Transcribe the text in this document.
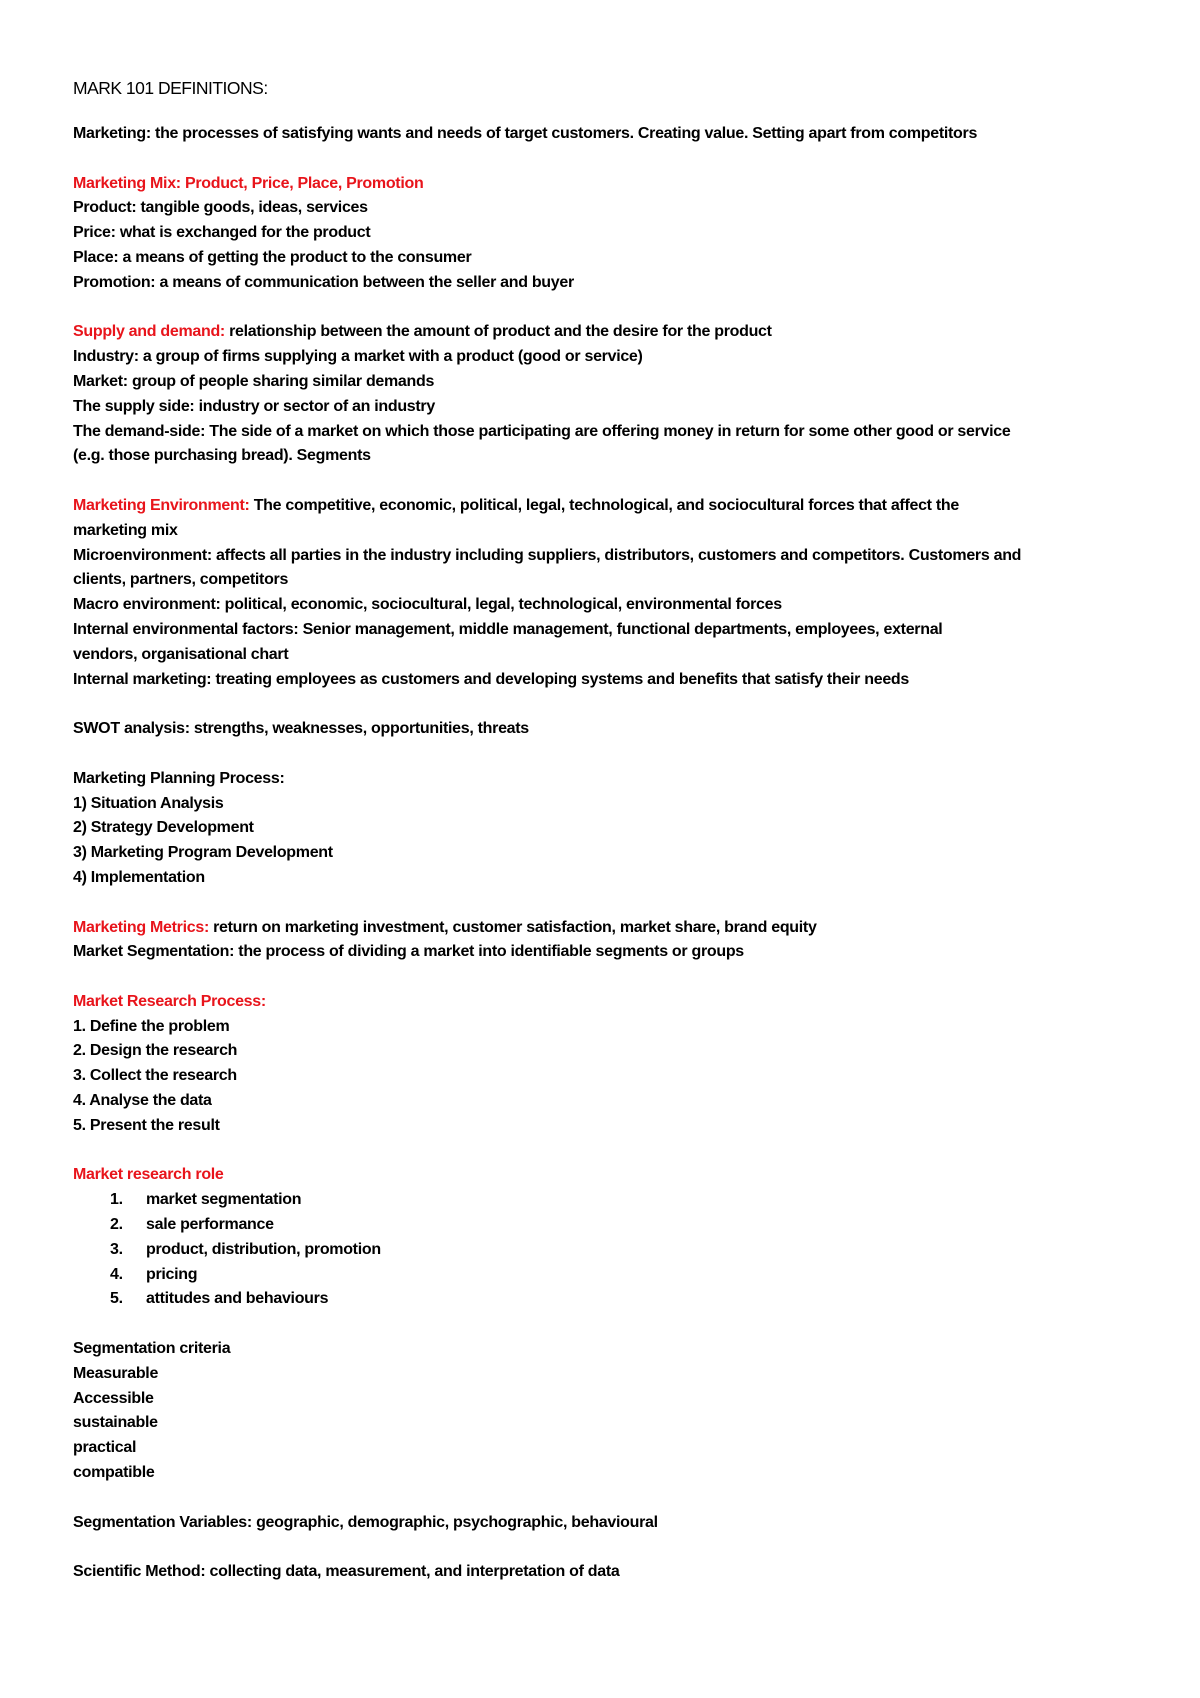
MARK 101 DEFINITIONS:

Marketing: the processes of satisfying wants and needs of target customers. Creating value. Setting apart from competitors

Marketing Mix: Product, Price, Place, Promotion

Product: tangible goods, ideas, services

Price: what is exchanged for the product

Place: a means of getting the product to the consumer

Promotion: a means of communication between the seller and buyer

Supply and demand: relationship between the amount of product and the desire for the product

Industry: a group of firms supplying a market with a product (good or service)

Market: group of people sharing similar demands

The supply side: industry or sector of an industry

The demand-side: The side of a market on which those participating are offering money in return for some other good or service

(e.g. those purchasing bread). Segments

Marketing Environment: The competitive, economic, political, legal, technological, and sociocultural forces that affect the

marketing mix

Microenvironment: affects all parties in the industry including suppliers, distributors, customers and competitors. Customers and

clients, partners, competitors

Macro environment: political, economic, sociocultural, legal, technological, environmental forces

Internal environmental factors: Senior management, middle management, functional departments, employees, external

vendors, organisational chart

Internal marketing: treating employees as customers and developing systems and benefits that satisfy their needs

SWOT analysis: strengths, weaknesses, opportunities, threats

Marketing Planning Process:

1) Situation Analysis

2) Strategy Development

3) Marketing Program Development

4) Implementation

Marketing Metrics: return on marketing investment, customer satisfaction, market share, brand equity

Market Segmentation: the process of dividing a market into identifiable segments or groups

Market Research Process:

1. Define the problem

2. Design the research

3. Collect the research

4. Analyse the data

5. Present the result

Market research role

1. market segmentation
2. sale performance
3. product, distribution, promotion
4. pricing
5. attitudes and behaviours

Segmentation criteria

Measurable

Accessible

sustainable

practical

compatible

Segmentation Variables: geographic, demographic, psychographic, behavioural

Scientific Method: collecting data, measurement, and interpretation of data
